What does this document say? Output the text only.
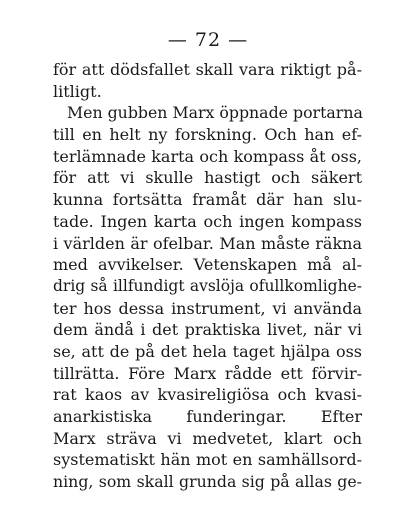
— 72 —
för att dödsfallet skall vara riktigt på-
litligt.
Men gubben Marx öppnade portarna
till en helt ny forskning. Och han ef-
terlämnade karta och kompass åt oss,
för att vi skulle hastigt och säkert
kunna fortsätta framåt där han slu-
tade. Ingen karta och ingen kompass
i världen är ofelbar. Man måste räkna
med avvikelser. Vetenskapen må al-
drig så illfundigt avslöja ofullkomlighe-
ter hos dessa instrument, vi använda
dem ändå i det praktiska livet, när vi
se, att de på det hela taget hjälpa oss
tillrätta. Före Marx rådde ett förvir-
rat kaos av kvasireligiösa och kvasi-
anarkistiska funderingar. Efter
Marx sträva vi medvetet, klart och
systematiskt hän mot en samhällsord-
ning, som skall grunda sig på allas ge-
